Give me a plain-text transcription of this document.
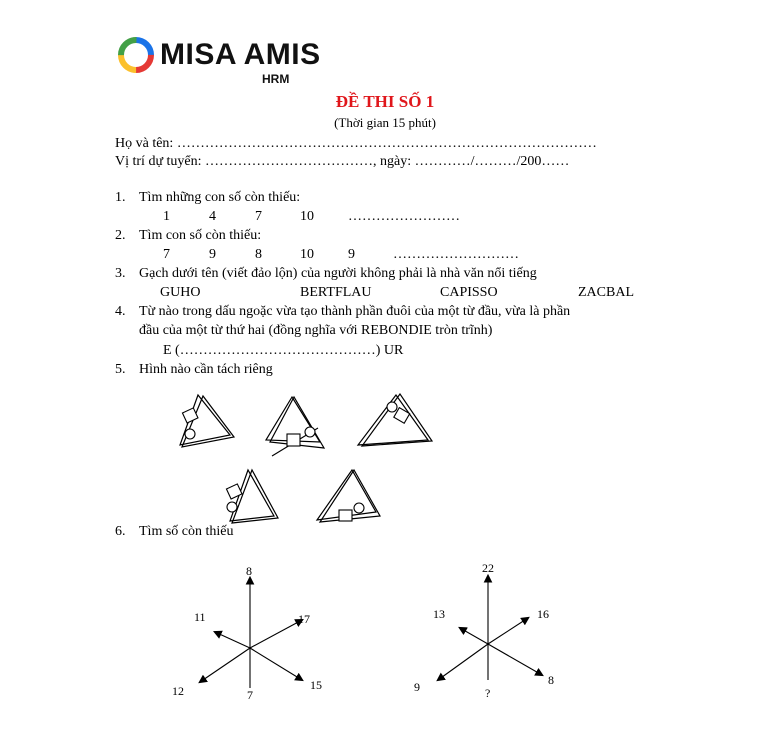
MISA AMIS
HRM
ĐỀ THI SỐ 1
(Thời gian 15 phút)
Họ và tên: ………………………………………………………………………………
Vị trí dự tuyển: ………………………………, ngày: …………/………/200……
1. Tìm những con số còn thiếu:
1	4	7	10 ……………………
2. Tìm con số còn thiếu:
7	9	8	10 9	………………………
3. Gạch dưới tên (viết đảo lộn) của người không phải là nhà văn nổi tiếng
GUHO	BERTFLAU	CAPISSO	ZACBAL
4. Từ nào trong dấu ngoặc vừa tạo thành phần đuôi của một từ đầu, vừa là phần
đầu của một từ thứ hai (đồng nghĩa với REBONDIE tròn trĩnh)
E (……………………………………) UR
5. Hình nào cần tách riêng
6. Tìm số còn thiếu
8
17
11
12	7
15
22
16
13
9	?
8
